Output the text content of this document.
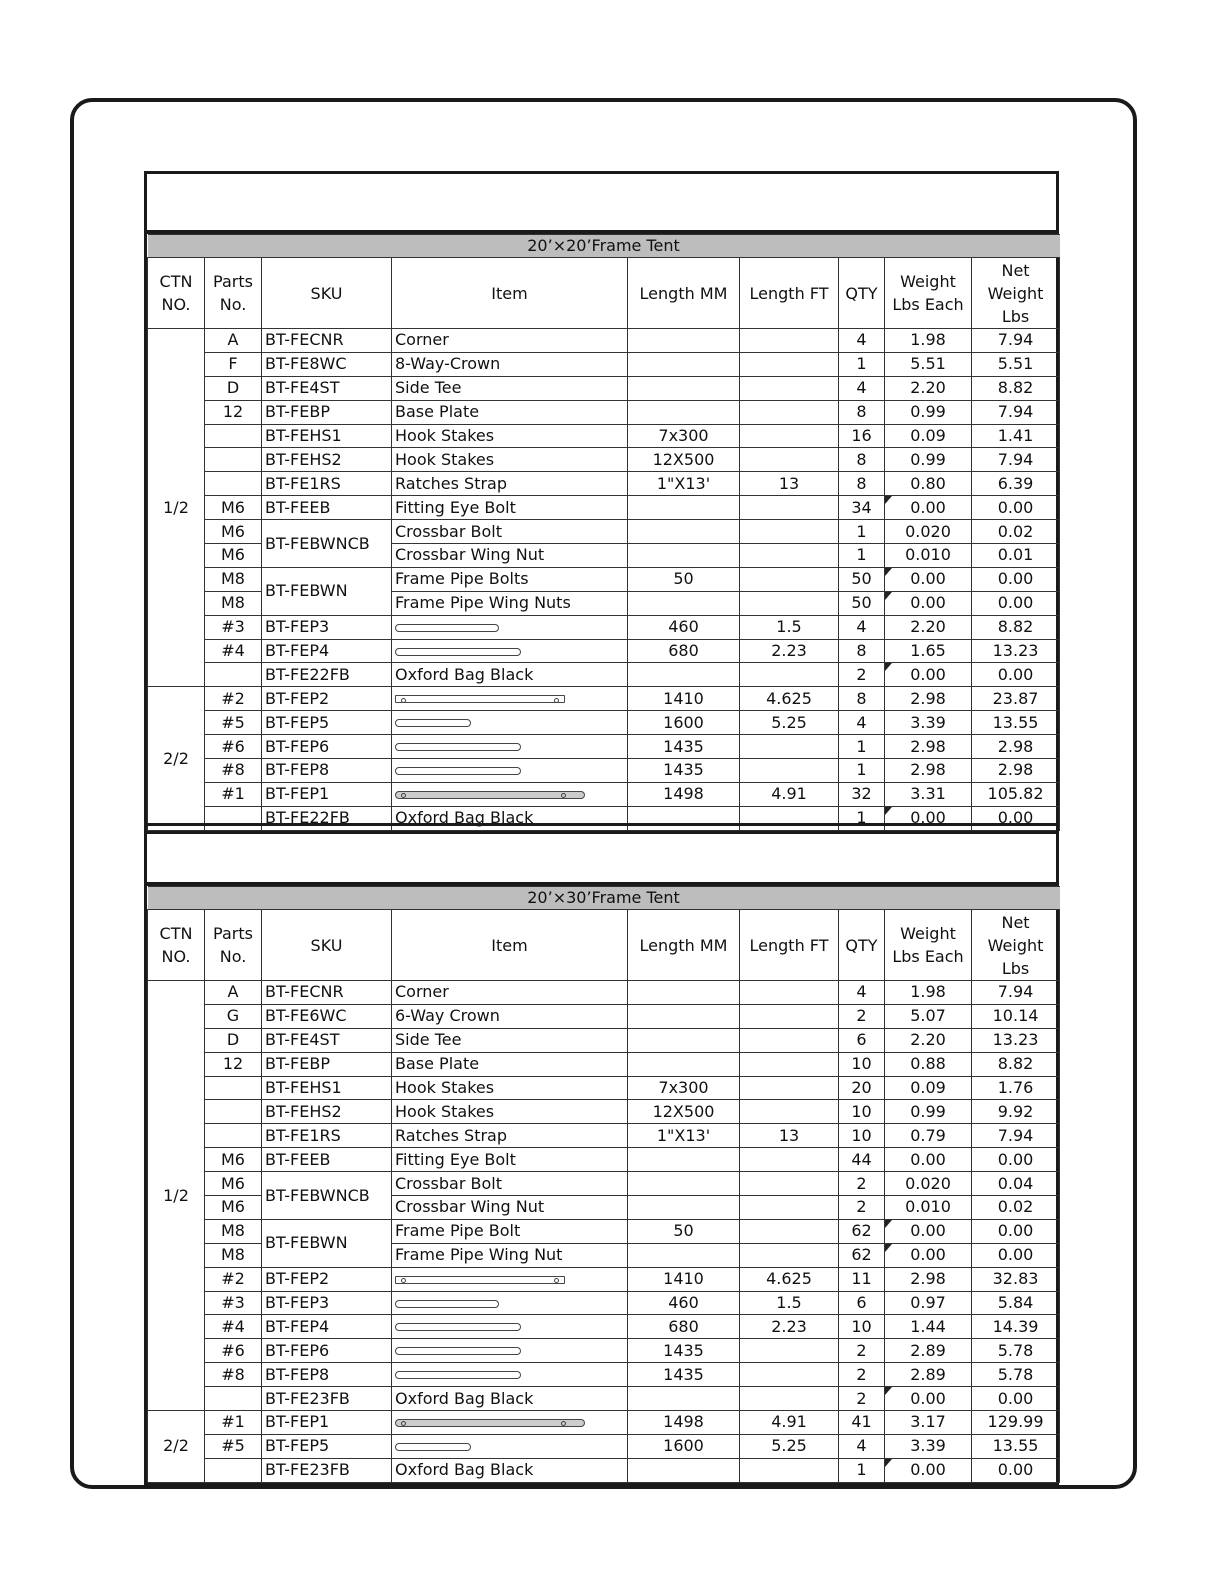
20’×20’Frame Tent								
CTN NO.	Parts No.	SKU	Item	Length MM	Length FT	QTY	Weight Lbs Each	Net Weight Lbs
1/2	A	BT-FECNR	Corner			4	1.98	7.94
	F	BT-FE8WC	8-Way-Crown			1	5.51	5.51
	D	BT-FE4ST	Side Tee			4	2.20	8.82
	12	BT-FEBP	Base Plate			8	0.99	7.94
		BT-FEHS1	Hook Stakes	7x300		16	0.09	1.41
		BT-FEHS2	Hook Stakes	12X500		8	0.99	7.94
		BT-FE1RS	Ratches Strap	1"X13'	13	8	0.80	6.39
	M6	BT-FEEB	Fitting Eye Bolt			34	0.00	0.00
	M6	BT-FEBWNCB	Crossbar Bolt			1	0.020	0.02
	M6		Crossbar Wing Nut			1	0.010	0.01
	M8	BT-FEBWN	Frame Pipe Bolts	50		50	0.00	0.00
	M8		Frame Pipe Wing Nuts			50	0.00	0.00
	#3	BT-FEP3		460	1.5	4	2.20	8.82
	#4	BT-FEP4		680	2.23	8	1.65	13.23
		BT-FE22FB	Oxford Bag Black			2	0.00	0.00
2/2	#2	BT-FEP2		1410	4.625	8	2.98	23.87
	#5	BT-FEP5		1600	5.25	4	3.39	13.55
	#6	BT-FEP6		1435		1	2.98	2.98
	#8	BT-FEP8		1435		1	2.98	2.98
	#1	BT-FEP1		1498	4.91	32	3.31	105.82
		BT-FE22FB	Oxford Bag Black			1	0.00	0.00
20’×30’Frame Tent								
CTN NO.	Parts No.	SKU	Item	Length MM	Length FT	QTY	Weight Lbs Each	Net Weight Lbs
1/2	A	BT-FECNR	Corner			4	1.98	7.94
	G	BT-FE6WC	6-Way Crown			2	5.07	10.14
	D	BT-FE4ST	Side Tee			6	2.20	13.23
	12	BT-FEBP	Base Plate			10	0.88	8.82
		BT-FEHS1	Hook Stakes	7x300		20	0.09	1.76
		BT-FEHS2	Hook Stakes	12X500		10	0.99	9.92
		BT-FE1RS	Ratches Strap	1"X13'	13	10	0.79	7.94
	M6	BT-FEEB	Fitting Eye Bolt			44	0.00	0.00
	M6	BT-FEBWNCB	Crossbar Bolt			2	0.020	0.04
	M6		Crossbar Wing Nut			2	0.010	0.02
	M8	BT-FEBWN	Frame Pipe Bolt	50		62	0.00	0.00
	M8		Frame Pipe Wing Nut			62	0.00	0.00
	#2	BT-FEP2		1410	4.625	11	2.98	32.83
	#3	BT-FEP3		460	1.5	6	0.97	5.84
	#4	BT-FEP4		680	2.23	10	1.44	14.39
	#6	BT-FEP6		1435		2	2.89	5.78
	#8	BT-FEP8		1435		2	2.89	5.78
		BT-FE23FB	Oxford Bag Black			2	0.00	0.00
2/2	#1	BT-FEP1		1498	4.91	41	3.17	129.99
	#5	BT-FEP5		1600	5.25	4	3.39	13.55
		BT-FE23FB	Oxford Bag Black			1	0.00	0.00
